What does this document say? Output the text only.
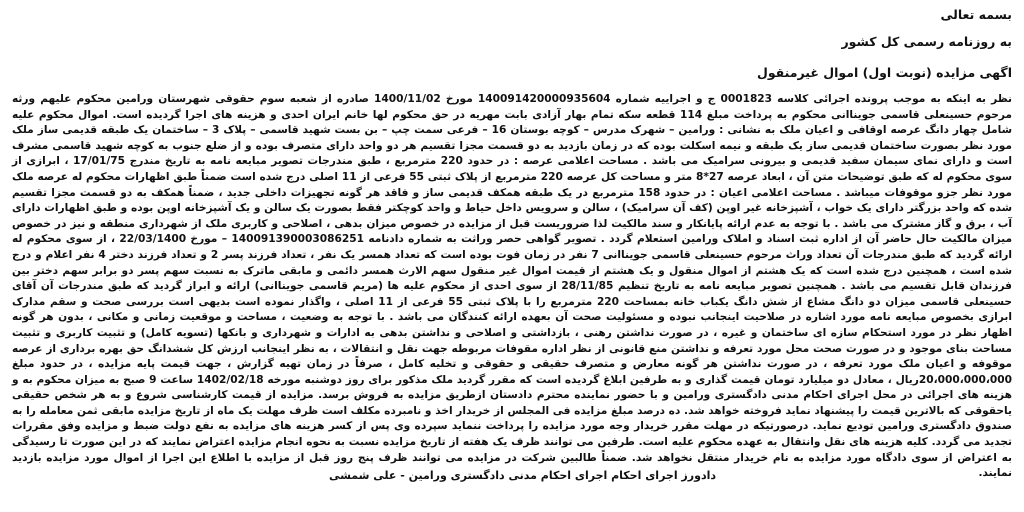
بسمه تعالی
به روزنامه رسمی کل کشور
اگهی مزایده (نوبت اول) اموال غیرمنقول
نظر به اینکه به موجب پرونده اجرائی کلاسه 0001823 ج و اجراییه شماره 140091420000935604 مورخ 1400/11/02 صادره از شعبه سوم حقوقی شهرستان ورامین محکوم علیهم ورثه مرحوم حسینعلی قاسمی جویناانی محکوم به پرداخت مبلغ 114 قطعه سکه تمام بهار آزادی بابت مهریه در حق محکوم لها خانم ایران احدی و هزینه های اجرا گردیده است. اموال محکوم علیه شامل چهار دانگ عرصه اوقافی و اعیان ملک به نشانی : ورامین – شهرک مدرس – کوچه بوستان 16 – فرعی سمت چپ – بن بست شهید قاسمی – پلاک 3 – ساختمان یک طبقه قدیمی ساز ملک مورد نظر بصورت ساختمان قدیمی ساز یک طبقه و نیمه اسکلت بوده که در زمان بازدید به دو قسمت مجزا تقسیم هر دو واحد دارای متصرف بوده و از ضلع جنوب به کوچه شهید قاسمی مشرف است و دارای نمای سیمان سفید قدیمی و بیرونی سرامیک می باشد . مساحت اعلامی عرصه : در حدود 220 مترمربع ، طبق مندرجات تصویر مبایعه نامه به تاریخ مندرج 17/01/75 ، ابرازی از سوی محکوم له که طبق توضیحات متن آن ، ابعاد عرصه 27*8 متر و مساحت کل عرصه 220 مترمربع از پلاک ثبتی 55 فرعی از 11 اصلی درج شده است ضمناً طبق اظهارات محکوم له عرصه ملک مورد نظر جزو موقوفات میباشد . مساحت اعلامی اعیان : در حدود 158 مترمربع در یک طبقه همکف قدیمی ساز و فاقد هر گونه تجهیزات داخلی جدید ، ضمناً همکف به دو قسمت مجزا تقسیم شده که واحد بزرگتر دارای یک خواب ، آشپزخانه غیر اوپن (کف آن سرامیک) ، سالن و سرویس داخل حیاط و واحد کوچکتر فقط بصورت یک سالن و یک آشپزخانه اوپن بوده و طبق اظهارات دارای آب ، برق و گاز مشترک می باشد . با توجه به عدم ارائه پایانکار و سند مالکیت لذا ضروریست قبل از مزایده در خصوص میزان بدهی ، اصلاحی و کاربری ملک از شهرداری منطقه و نیز در خصوص میزان مالکیت حال حاضر آن از اداره ثبت اسناد و املاک ورامین استعلام گردد . تصویر گواهی حصر وراثت به شماره دادنامه 140091390003086251 – مورخ 22/03/1400 ، از سوی محکوم له ارائه گردید که طبق مندرجات آن تعداد وراث مرحوم حسینعلی قاسمی جویناانی 7 نفر در زمان فوت بوده است که تعداد همسر یک نفر ، تعداد فرزند پسر 2 و تعداد فرزند دختر 4 نفر اعلام و درج شده است ، همچنین درج شده است که یک هشتم از اموال منقول و یک هشتم از قیمت اموال غیر منقول سهم الارث همسر دائمی و مابقی ماترک به نسبت سهم پسر دو برابر سهم دختر بین فرزندان قابل تقسیم می باشد . همچنین تصویر مبایعه نامه به تاریخ تنظیم 28/11/85 از سوی احدی از محکوم علیه ها (مریم قاسمی جویناانی) ارائه و ابراز گردید که طبق مندرجات آن آقای حسینعلی قاسمی میزان دو دانگ مشاع از شش دانگ یکباب خانه بمساحت 220 مترمربع را با پلاک ثبتی 55 فرعی از 11 اصلی ، واگذار نموده است بدیهی است بررسی صحت و سقم مدارک ابرازی بخصوص مبایعه نامه مورد اشاره در صلاحیت اینجانب نبوده و مسئولیت صحت آن بعهده ارائه کنندگان می باشد . با توجه به وضعیت ، مساحت و موقعیت زمانی و مکانی ، بدون هر گونه اظهار نظر در مورد استحکام سازه ای ساختمان و غیره ، در صورت نداشتن رهنی ، بازداشتی و اصلاحی و نداشتن بدهی به ادارات و شهرداری و بانکها (تسویه کامل) و تثبیت کاربری و تثبیت مساحت بنای موجود و در صورت صحت محل مورد تعرفه و نداشتن منع قانونی از نظر اداره مقوفات مربوطه جهت نقل و انتقالات ، به نظر اینجانب ارزش کل ششدانگ حق بهره برداری از عرصه موقوفه و اعیان ملک مورد تعرفه ، در صورت نداشتن هر گونه معارض و متصرف حقیقی و حقوقی و تخلیه کامل ، صرفاً در زمان تهیه گزارش ، جهت قیمت پایه مزایده ، در حدود مبلغ 20،000،000،000ریال ، معادل دو میلیارد تومان قیمت گذاری و به طرفین ابلاغ گردیده است که مقرر گردید ملک مذکور برای روز دوشنبه مورخه 1402/02/18 ساعت 9 صبح به میزان محکوم به و هزینه های اجرائی در محل اجرای احکام مدنی دادگستری ورامین و با حضور نماینده محترم دادستان ازطریق مزایده به فروش برسد. مزایده از قیمت کارشناسی شروع و به هر شخص حقیقی یاحقوقی که بالاترین قیمت را پیشنهاد نماید فروخته خواهد شد. ده درصد مبلغ مزایده فی المجلس از خریدار اخذ و نامبرده مکلف است ظرف مهلت یک ماه از تاریخ مزایده مابقی ثمن معامله را به صندوق دادگستری ورامین تودیع نماید. درصورتیکه در مهلت مقرر خریدار وجه مورد مزایده را پرداخت ننماید سپرده وی پس از کسر هزینه های مزایده به نفع دولت ضبط و مزایده وفق مقررات تجدید می گردد. کلیه هزینه های نقل وانتقال به عهده محکوم علیه است. طرفین می توانند ظرف یک هفته از تاریخ مزایده نسبت به نحوه انجام مزایده اعتراض نمایند که در این صورت تا رسیدگی به اعتراض از سوی دادگاه مورد مزایده به نام خریدار منتقل نخواهد شد. ضمناً طالبین شرکت در مزایده می توانند ظرف پنج روز قبل از مزایده با اطلاع این اجرا از اموال مورد مزایده بازدید نمایند.
دادورز اجرای احکام اجرای احکام مدنی دادگستری ورامین - علی شمشی
